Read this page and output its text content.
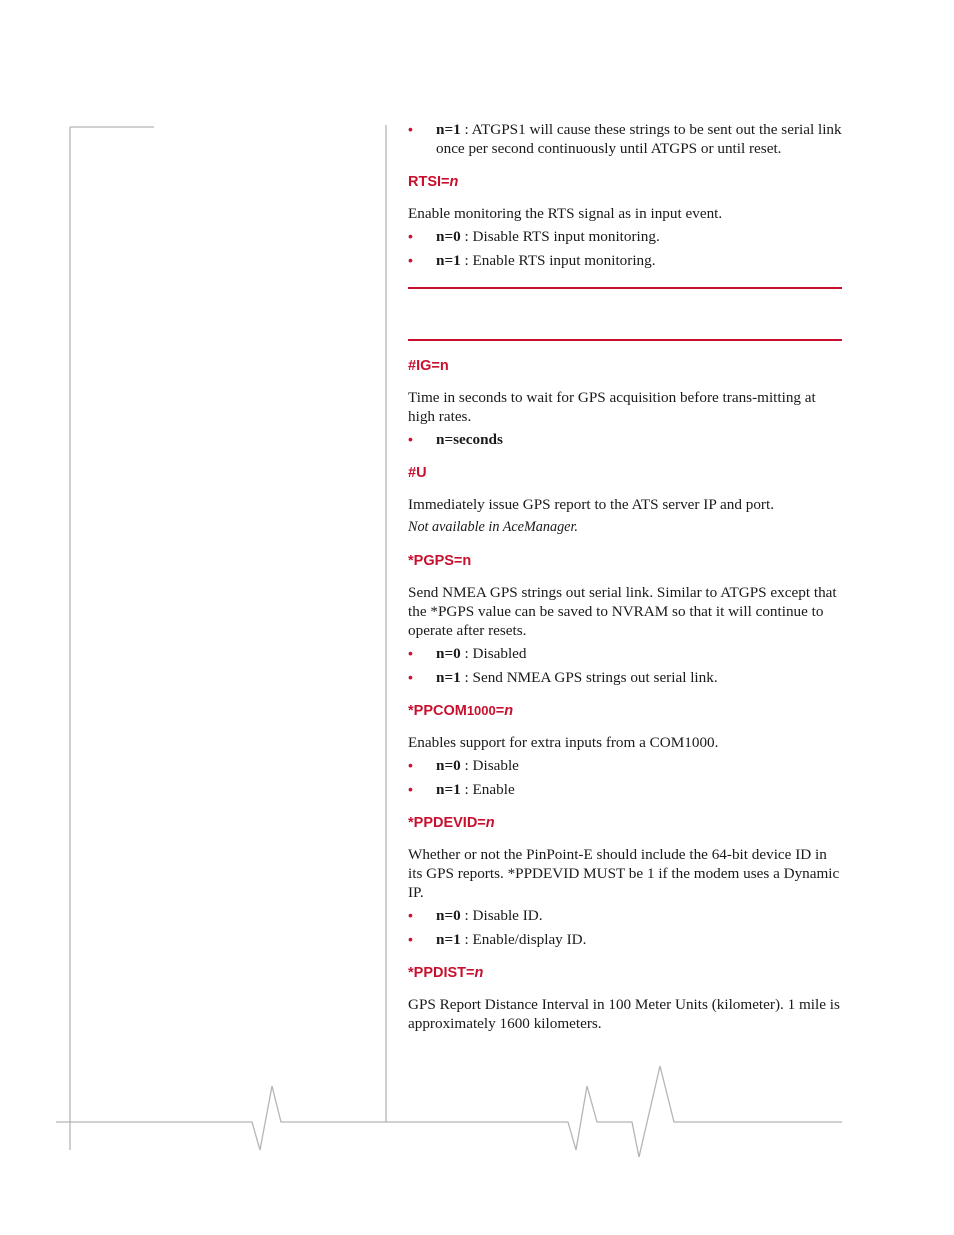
• n=1 : ATGPS1 will cause these strings to be sent out the serial link once per second continuously until ATGPS or until reset.
RTSI=n
Enable monitoring the RTS signal as in input event.
• n=0 : Disable RTS input monitoring.
• n=1 : Enable RTS input monitoring.
#IG=n
Time in seconds to wait for GPS acquisition before trans-mitting at high rates.
• n=seconds
#U
Immediately issue GPS report to the ATS server IP and port.
Not available in AceManager.
*PGPS=n
Send NMEA GPS strings out serial link. Similar to ATGPS except that the *PGPS value can be saved to NVRAM so that it will continue to operate after resets.
• n=0 : Disabled
• n=1 : Send NMEA GPS strings out serial link.
*PPCOM1000=n
Enables support for extra inputs from a COM1000.
• n=0 : Disable
• n=1 : Enable
*PPDEVID=n
Whether or not the PinPoint-E should include the 64-bit device ID in its GPS reports. *PPDEVID MUST be 1 if the modem uses a Dynamic IP.
• n=0 : Disable ID.
• n=1 : Enable/display ID.
*PPDIST=n
GPS Report Distance Interval in 100 Meter Units (kilometer). 1 mile is approximately 1600 kilometers.
